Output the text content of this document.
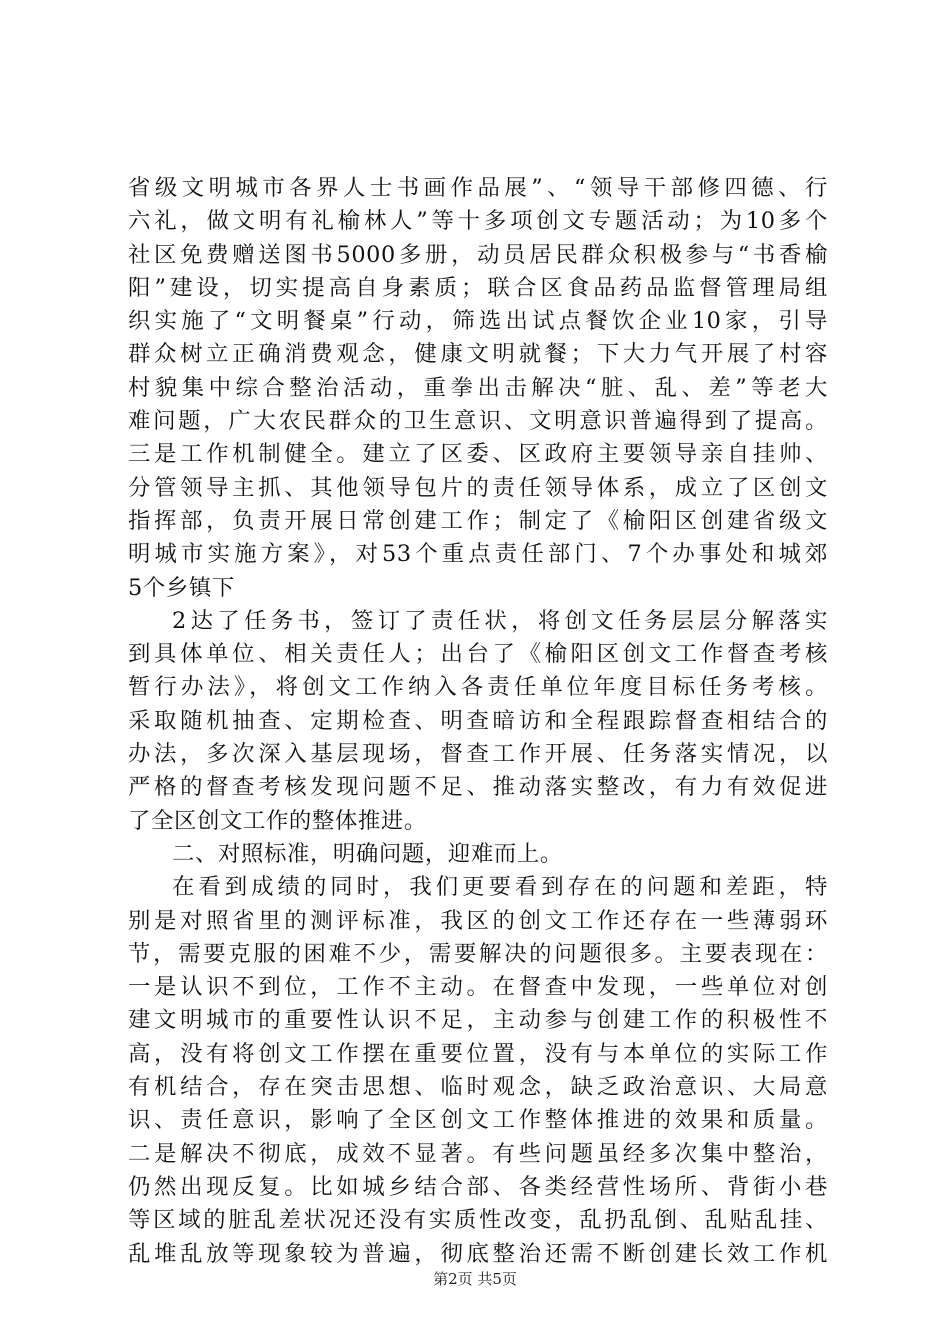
省级文明城市各界人士书画作品展”、“领导干部修四德、行
六礼，做文明有礼榆林人”等十多项创文专题活动；为10多个
社区免费赠送图书5000多册，动员居民群众积极参与“书香榆
阳”建设，切实提高自身素质；联合区食品药品监督管理局组
织实施了“文明餐桌”行动，筛选出试点餐饮企业10家，引导
群众树立正确消费观念，健康文明就餐；下大力气开展了村容
村貌集中综合整治活动，重拳出击解决“脏、乱、差”等老大
难问题，广大农民群众的卫生意识、文明意识普遍得到了提高。
三是工作机制健全。建立了区委、区政府主要领导亲自挂帅、
分管领导主抓、其他领导包片的责任领导体系，成立了区创文
指挥部，负责开展日常创建工作；制定了《榆阳区创建省级文
明城市实施方案》，对53个重点责任部门、7个办事处和城郊
5个乡镇下
2达了任务书，签订了责任状，将创文任务层层分解落实
到具体单位、相关责任人；出台了《榆阳区创文工作督查考核
暂行办法》，将创文工作纳入各责任单位年度目标任务考核。
采取随机抽查、定期检查、明查暗访和全程跟踪督查相结合的
办法，多次深入基层现场，督查工作开展、任务落实情况，以
严格的督查考核发现问题不足、推动落实整改，有力有效促进
了全区创文工作的整体推进。
二、对照标准，明确问题，迎难而上。
在看到成绩的同时，我们更要看到存在的问题和差距，特
别是对照省里的测评标准，我区的创文工作还存在一些薄弱环
节，需要克服的困难不少，需要解决的问题很多。主要表现在：
一是认识不到位，工作不主动。在督查中发现，一些单位对创
建文明城市的重要性认识不足，主动参与创建工作的积极性不
高，没有将创文工作摆在重要位置，没有与本单位的实际工作
有机结合，存在突击思想、临时观念，缺乏政治意识、大局意
识、责任意识，影响了全区创文工作整体推进的效果和质量。
二是解决不彻底，成效不显著。有些问题虽经多次集中整治，
仍然出现反复。比如城乡结合部、各类经营性场所、背街小巷
等区域的脏乱差状况还没有实质性改变，乱扔乱倒、乱贴乱挂、
乱堆乱放等现象较为普遍，彻底整治还需不断创建长效工作机
第2页 共5页
